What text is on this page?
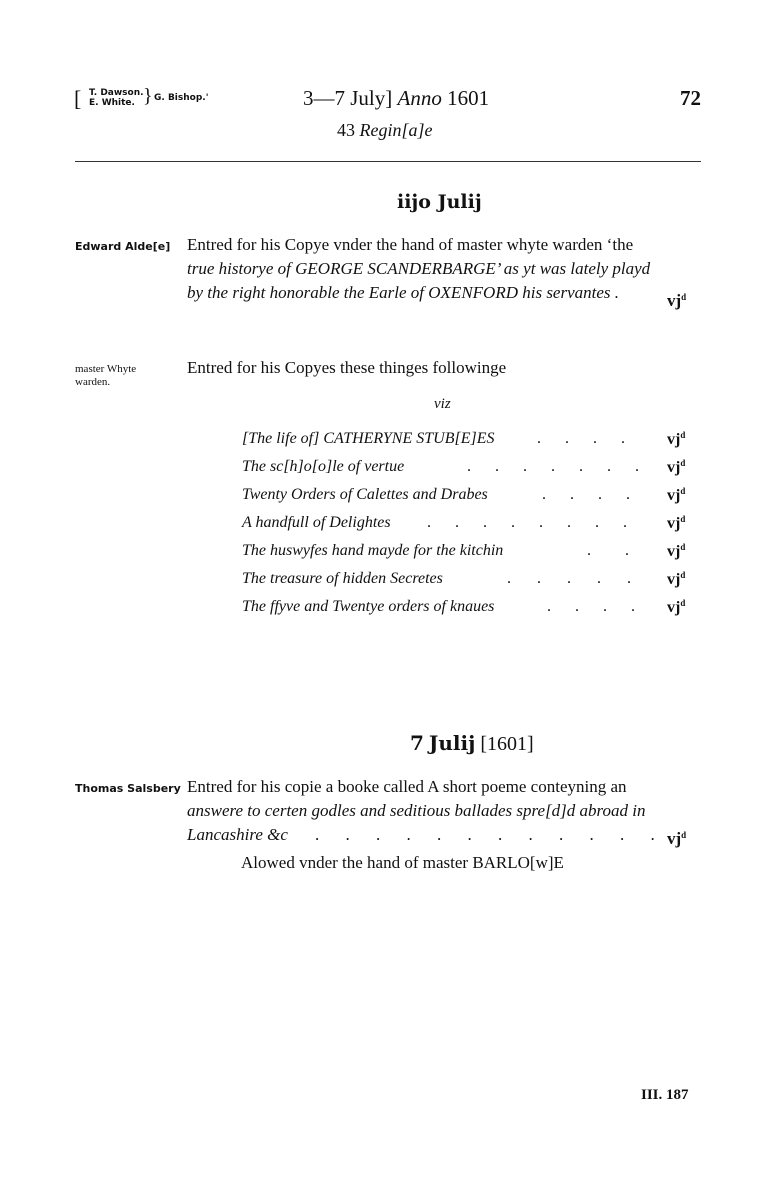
[ T. Dawson.
E. White. } G. Bishop.'	3—7 July] Anno 1601
43 Regin[a]e
72
iijo Julij
Edward Alde[e] Entred for his Copye vnder the hand of master whyte warden ‘the
true historye of GEORGE SCANDERBARGE’ as yt was lately playd
by the right honorable the Earle of OXENFORD his servantes .	$vj^d$
master Whyte
warden.
Entred for his Copyes these thinges followinge
viz
[The life of] CATHERYNE STUB[E]ES	. . . .	$vj^d$
The sc[h]o[o]le of vertue	. . . . . . . $vj^d$
Twenty Orders of Calettes and Drabes	. . . . $vj^d$
A handfull of Delightes . . . . . . . .	$vj^d$
The huswyfes hand mayde for the kitchin	. . $vj^d$
The treasure of hidden Secretes	. . . . . $vj^d$
The ffyve and Twentye orders of knaues	. . . . $vj^d$
7 Julij [1601]
Thomas Salsbery Entred for his copie a booke called A short poeme conteyning an
answere to certen godles and seditious ballades spre[d]d abroad in
Lancashire &c	. . . . . . . . . . . . $vj^d$
Alowed vnder the hand of master BARLO[w]E
III. 187
